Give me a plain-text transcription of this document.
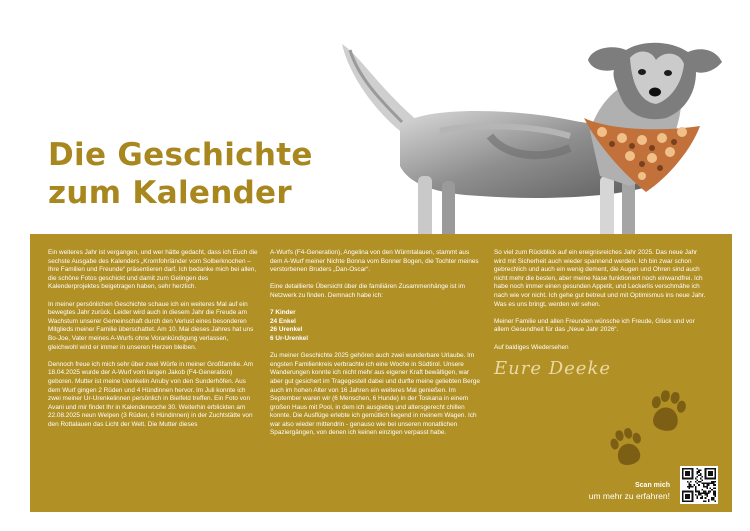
Die Geschichte
zum Kalender

Ein weiteres Jahr ist vergangen, und wer hätte gedacht, dass ich Euch die sechste Ausgabe des Kalenders „Kromfohrländer vom Solberknochen – Ihre Familien und Freunde“ präsentieren darf. Ich bedanke mich bei allen, die schöne Fotos geschickt und damit zum Gelingen des Kalenderprojektes beigetragen haben, sehr herzlich.

In meiner persönlichen Geschichte schaue ich ein weiteres Mal auf ein bewegtes Jahr zurück. Leider wird auch in diesem Jahr die Freude am Wachstum unserer Gemeinschaft durch den Verlust eines besonderen Mitglieds meiner Familie überschattet. Am 10. Mai dieses Jahres hat uns Bo-Joe, Vater meines A-Wurfs ohne Vorankündigung verlassen, gleichwohl wird er immer in unseren Herzen bleiben.

Dennoch freue ich mich sehr über zwei Würfe in meiner Großfamilie. Am 18.04.2025 wurde der A-Wurf vom langen Jakob (F4-Generation) geboren. Mutter ist meine Urenkelin Anuby von den Sunderhöfen. Aus dem Wurf gingen 2 Rüden und 4 Hündinnen hervor. Im Juli konnte ich zwei meiner Ur-Urenkelinnen persönlich in Bielfeld treffen. Ein Foto von Avani und mir findet Ihr in Kalenderwoche 30. Weiterhin erblickten am 22.08.2025 neun Welpen (3 Rüden, 6 Hündinnen) in der Zuchtstätte von den Rottalauen das Licht der Welt. Die Mutter dieses

A-Wurfs (F4-Generation), Angelina von den Würmtalauen, stammt aus dem A-Wurf meiner Nichte Bonna vom Bonner Bogen, die Tochter meines verstorbenen Bruders „Dan-Oscar“.

Eine detaillierte Übersicht über die familiären Zusammenhänge ist im Netzwerk zu finden. Demnach habe ich:

7 Kinder
24 Enkel
26 Urenkel
6 Ur-Urenkel

Zu meiner Geschichte 2025 gehören auch zwei wunderbare Urlaube. Im engsten Familienkreis verbrachte ich eine Woche in Südtirol. Unsere Wanderungen konnte ich nicht mehr aus eigener Kraft bewältigen, war aber gut gesichert im Tragegestell dabei und durfte meine geliebten Berge auch im hohen Alter von 16 Jahren ein weiteres Mal genießen. Im September waren wir (6 Menschen, 6 Hunde) in der Toskana in einem großen Haus mit Pool, in dem ich ausgiebig und altersgerecht chillen konnte. Die Ausflüge erlebte ich gemütlich liegend in meinem Wagen. Ich war also wieder mittendrin - genauso wie bei unseren monatlichen Spaziergängen, von denen ich keinen einzigen verpasst habe.

So viel zum Rückblick auf ein ereignisreiches Jahr 2025. Das neue Jahr wird mit Sicherheit auch wieder spannend werden. Ich bin zwar schon gebrechlich und auch ein wenig dement, die Augen und Ohren sind auch nicht mehr die besten, aber meine Nase funktioniert noch einwandfrei. Ich habe noch immer einen gesunden Appetit, und Leckerlis verschmähe ich nach wie vor nicht. Ich gehe gut betreut und mit Optimismus ins neue Jahr. Was es uns bringt, werden wir sehen.

Meiner Familie und allen Freunden wünsche ich Freude, Glück und vor allem Gesundheit für das „Neue Jahr 2026“.

Auf baldiges Wiedersehen

Eure Deeke
Scan mich
um mehr zu erfahren!
